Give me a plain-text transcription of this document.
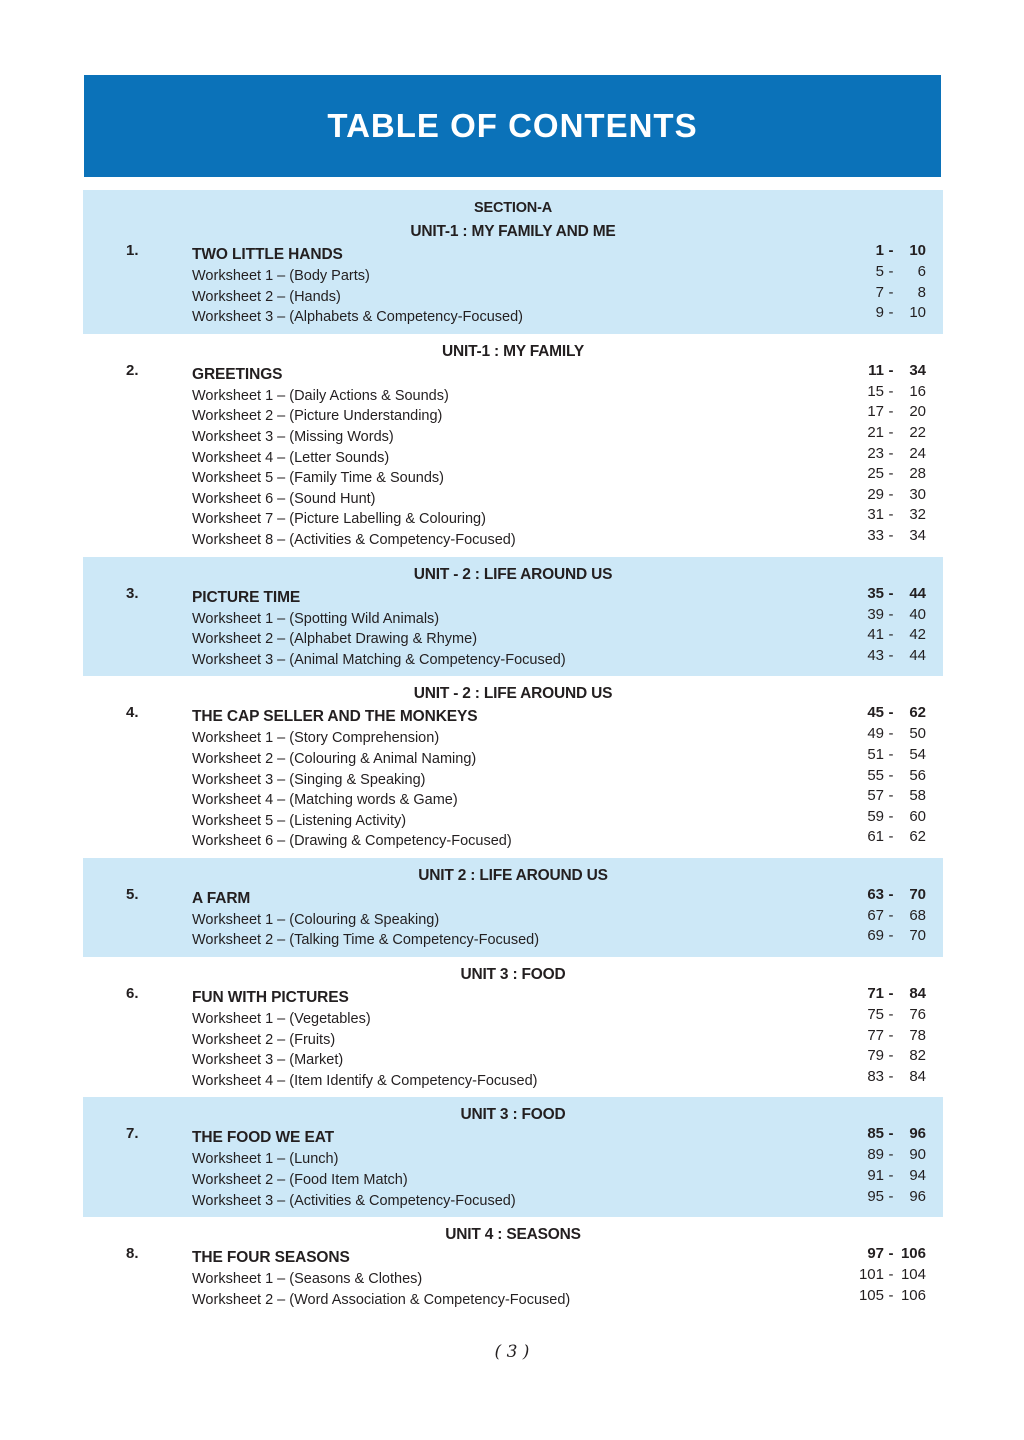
TABLE OF CONTENTS
SECTION-A
UNIT-1 : MY FAMILY AND ME
1.	TWO LITTLE HANDS	1 -	10
Worksheet 1 – (Body Parts)	5 -	6
Worksheet 2 – (Hands)	7 -	8
Worksheet 3 – (Alphabets & Competency-Focused)	9 -	10
UNIT-1 : MY FAMILY
2.	GREETINGS	11 -	34
Worksheet 1 – (Daily Actions & Sounds)	15 -	16
Worksheet 2 – (Picture Understanding)	17 -	20
Worksheet 3 – (Missing Words)	21 -	22
Worksheet 4 – (Letter Sounds)	23 -	24
Worksheet 5 – (Family Time & Sounds)	25 -	28
Worksheet 6 – (Sound Hunt)	29 -	30
Worksheet 7 – (Picture Labelling & Colouring)	31 -	32
Worksheet 8 – (Activities & Competency-Focused)	33 -	34
UNIT - 2 : LIFE AROUND US
3.	PICTURE TIME	35 -	44
Worksheet 1 – (Spotting Wild Animals)	39 -	40
Worksheet 2 – (Alphabet Drawing & Rhyme)	41 -	42
Worksheet 3 – (Animal Matching & Competency-Focused)	43 -	44
UNIT - 2 : LIFE AROUND US
4.	THE CAP SELLER AND THE MONKEYS	45 -	62
Worksheet 1 – (Story Comprehension)	49 -	50
Worksheet 2 – (Colouring & Animal Naming)	51 -	54
Worksheet 3 – (Singing & Speaking)	55 -	56
Worksheet 4 – (Matching words & Game)	57 -	58
Worksheet 5 – (Listening Activity)	59 -	60
Worksheet 6 – (Drawing & Competency-Focused)	61 -	62
UNIT 2 : LIFE AROUND US
5.	A FARM	63 -	70
Worksheet 1 – (Colouring & Speaking)	67 -	68
Worksheet 2 – (Talking Time & Competency-Focused)	69 -	70
UNIT 3 : FOOD
6.	FUN WITH PICTURES	71 -	84
Worksheet 1 – (Vegetables)	75 -	76
Worksheet 2 – (Fruits)	77 -	78
Worksheet 3 – (Market)	79 -	82
Worksheet 4 – (Item Identify & Competency-Focused)	83 -	84
UNIT 3 : FOOD
7.	THE FOOD WE EAT	85 -	96
Worksheet 1 – (Lunch)	89 -	90
Worksheet 2 – (Food Item Match)	91 -	94
Worksheet 3 – (Activities & Competency-Focused)	95 -	96
UNIT 4 : SEASONS
8.	THE FOUR SEASONS	97 - 106
Worksheet 1 – (Seasons & Clothes)	101 - 104
Worksheet 2 – (Word Association & Competency-Focused)	105 - 106
( 3 )
